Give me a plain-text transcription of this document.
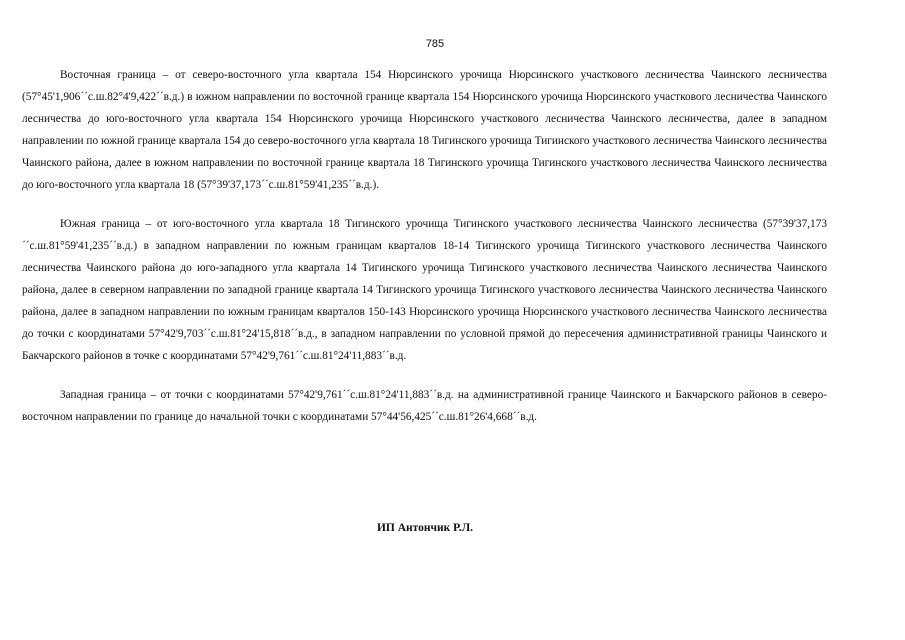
785

Восточная граница – от северо-восточного угла квартала 154 Нюрсинского урочища Нюрсинского участкового лесничества Чаинского лесничества (57°45'1,906´´с.ш.82°4'9,422´´в.д.) в южном направлении по восточной границе квартала 154 Нюрсинского урочища Нюрсинского участкового лесничества Чаинского лесничества до юго-восточного угла квартала 154 Нюрсинского урочища Нюрсинского участкового лесничества Чаинского лесничества, далее в западном направлении по южной границе квартала 154 до северо-восточного угла квартала 18 Тигинского урочища Тигинского участкового лесничества Чаинского лесничества Чаинского района, далее в южном направлении по восточной границе квартала 18 Тигинского урочища Тигинского участкового лесничества Чаинского лесничества до юго-восточного угла квартала 18 (57°39'37,173´´с.ш.81°59'41,235´´в.д.).

Южная граница – от юго-восточного угла квартала 18 Тигинского урочища Тигинского участкового лесничества Чаинского лесничества (57°39'37,173´´с.ш.81°59'41,235´´в.д.) в западном направлении по южным границам кварталов 18-14 Тигинского урочища Тигинского участкового лесничества Чаинского лесничества Чаинского района до юго-западного угла квартала 14 Тигинского урочища Тигинского участкового лесничества Чаинского лесничества Чаинского района, далее в северном направлении по западной границе квартала 14 Тигинского урочища Тигинского участкового лесничества Чаинского лесничества Чаинского района, далее в западном направлении по южным границам кварталов 150-143 Нюрсинского урочища Нюрсинского участкового лесничества Чаинского лесничества до точки с координатами 57°42'9,703´´с.ш.81°24'15,818´´в.д., в западном направлении по условной прямой до пересечения административной границы Чаинского и Бакчарского районов в точке с координатами 57°42'9,761´´с.ш.81°24'11,883´´в.д.

Западная граница – от точки с координатами 57°42'9,761´´с.ш.81°24'11,883´´в.д. на административной границе Чаинского и Бакчарского районов в северо-восточном направлении по границе до начальной точки с координатами 57°44'56,425´´с.ш.81°26'4,668´´в.д.

ИП Антончик Р.Л.
